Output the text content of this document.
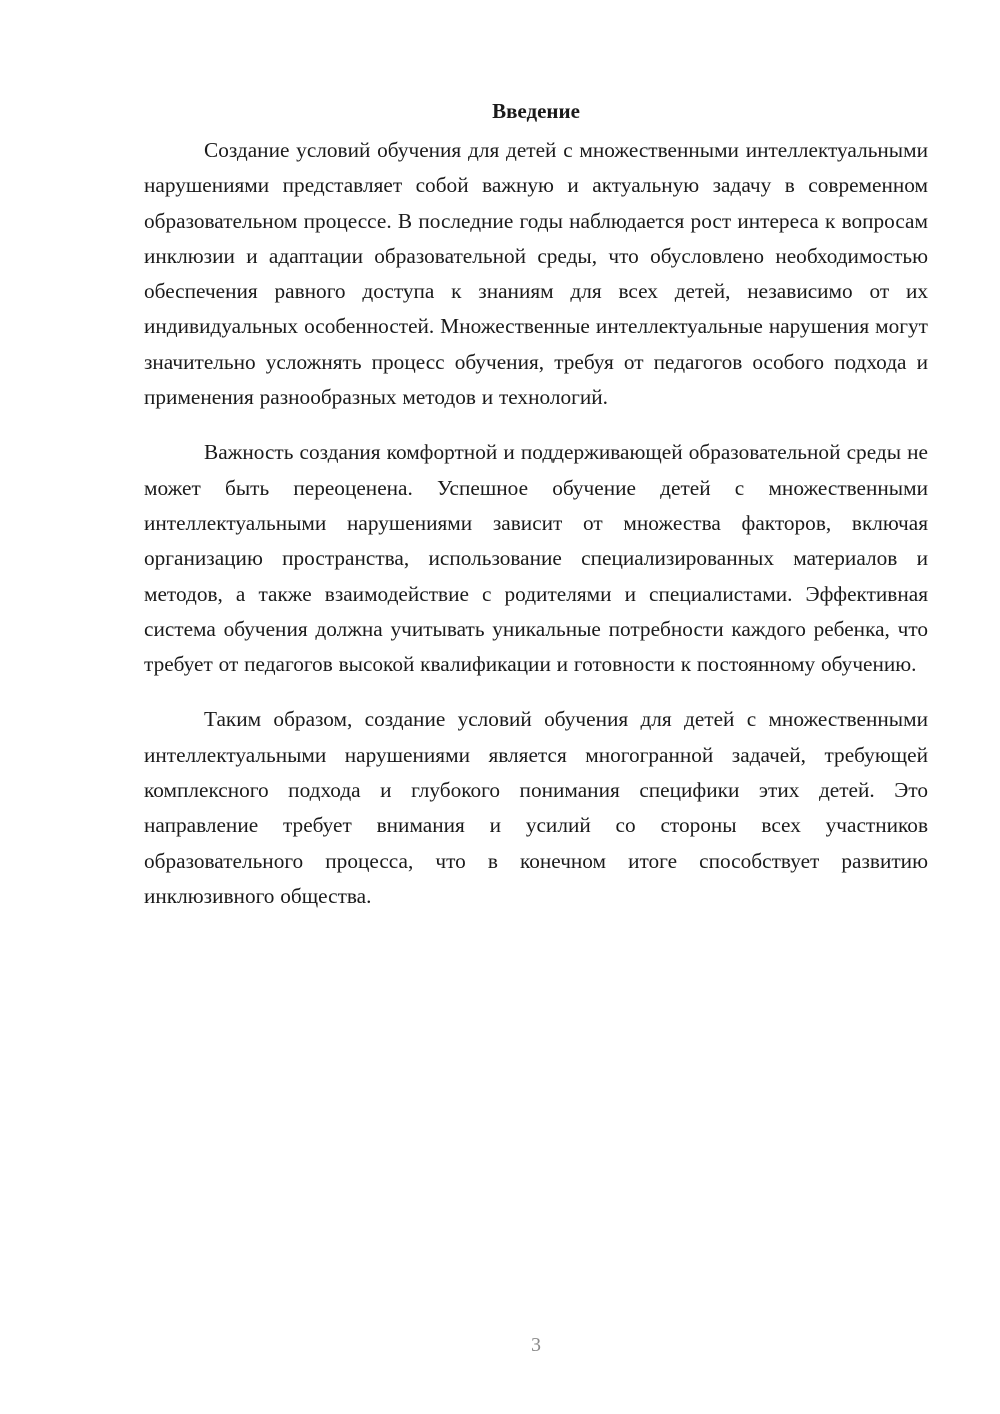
Введение

Создание условий обучения для детей с множественными интеллектуальными нарушениями представляет собой важную и актуальную задачу в современном образовательном процессе. В последние годы наблюдается рост интереса к вопросам инклюзии и адаптации образовательной среды, что обусловлено необходимостью обеспечения равного доступа к знаниям для всех детей, независимо от их индивидуальных особенностей. Множественные интеллектуальные нарушения могут значительно усложнять процесс обучения, требуя от педагогов особого подхода и применения разнообразных методов и технологий.

Важность создания комфортной и поддерживающей образовательной среды не может быть переоценена. Успешное обучение детей с множественными интеллектуальными нарушениями зависит от множества факторов, включая организацию пространства, использование специализированных материалов и методов, а также взаимодействие с родителями и специалистами. Эффективная система обучения должна учитывать уникальные потребности каждого ребенка, что требует от педагогов высокой квалификации и готовности к постоянному обучению.

Таким образом, создание условий обучения для детей с множественными интеллектуальными нарушениями является многогранной задачей, требующей комплексного подхода и глубокого понимания специфики этих детей. Это направление требует внимания и усилий со стороны всех участников образовательного процесса, что в конечном итоге способствует развитию инклюзивного общества.

3
